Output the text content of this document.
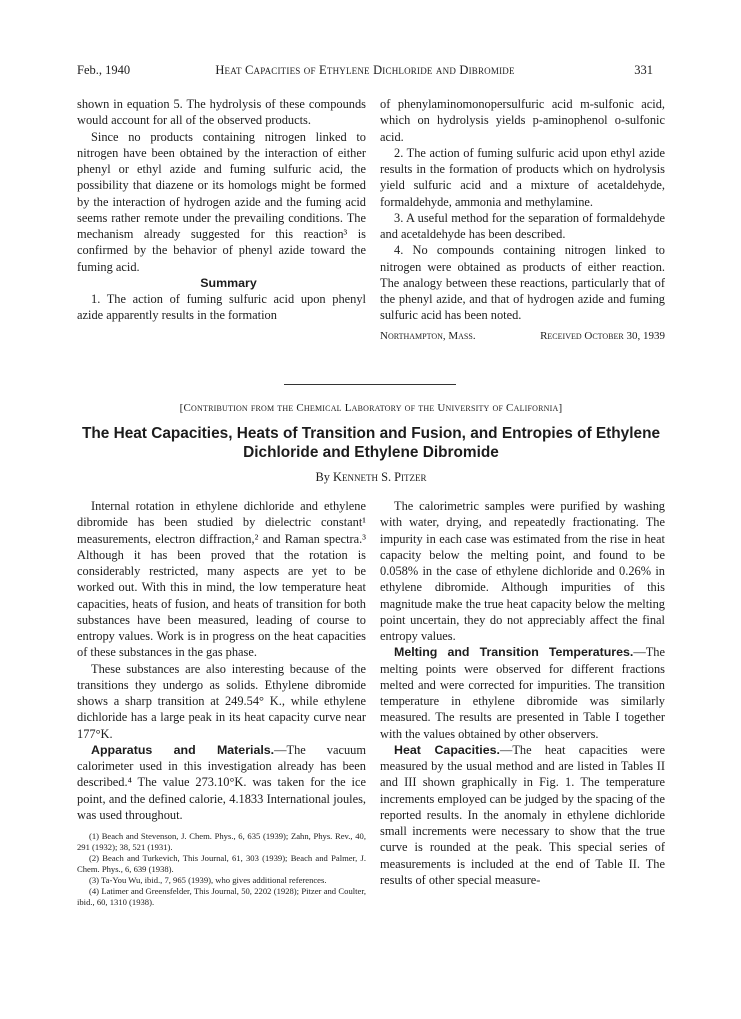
Feb., 1940	Heat Capacities of Ethylene Dichloride and Dibromide	331

shown in equation 5. The hydrolysis of these compounds would account for all of the observed products.

Since no products containing nitrogen linked to nitrogen have been obtained by the interaction of either phenyl or ethyl azide and fuming sulfuric acid, the possibility that diazene or its homologs might be formed by the interaction of hydrogen azide and the fuming acid seems rather remote under the prevailing conditions. The mechanism already suggested for this reaction³ is confirmed by the behavior of phenyl azide toward the fuming acid.

Summary

1. The action of fuming sulfuric acid upon phenyl azide apparently results in the formation

of phenylaminomonopersulfuric acid m-sulfonic acid, which on hydrolysis yields p-aminophenol o-sulfonic acid.

2. The action of fuming sulfuric acid upon ethyl azide results in the formation of products which on hydrolysis yield sulfuric acid and a mixture of acetaldehyde, formaldehyde, ammonia and methylamine.

3. A useful method for the separation of formaldehyde and acetaldehyde has been described.

4. No compounds containing nitrogen linked to nitrogen were obtained as products of either reaction. The analogy between these reactions, particularly that of the phenyl azide, and that of hydrogen azide and fuming sulfuric acid has been noted.

Northampton, Mass.	Received October 30, 1939
[Contribution from the Chemical Laboratory of the University of California]
The Heat Capacities, Heats of Transition and Fusion, and Entropies of Ethylene Dichloride and Ethylene Dibromide
By Kenneth S. Pitzer

Internal rotation in ethylene dichloride and ethylene dibromide has been studied by dielectric constant¹ measurements, electron diffraction,² and Raman spectra.³ Although it has been proved that the rotation is considerably restricted, many aspects are yet to be worked out. With this in mind, the low temperature heat capacities, heats of fusion, and heats of transition for both substances have been measured, leading of course to entropy values. Work is in progress on the heat capacities of these substances in the gas phase.

These substances are also interesting because of the transitions they undergo as solids. Ethylene dibromide shows a sharp transition at 249.54° K., while ethylene dichloride has a large peak in its heat capacity curve near 177°K.

Apparatus and Materials.—The vacuum calorimeter used in this investigation already has been described.⁴ The value 273.10°K. was taken for the ice point, and the defined calorie, 4.1833 International joules, was used throughout.

(1) Beach and Stevenson, J. Chem. Phys., 6, 635 (1939); Zahn, Phys. Rev., 40, 291 (1932); 38, 521 (1931).

(2) Beach and Turkevich, This Journal, 61, 303 (1939); Beach and Palmer, J. Chem. Phys., 6, 639 (1938).

(3) Ta-You Wu, ibid., 7, 965 (1939), who gives additional references.

(4) Latimer and Greensfelder, This Journal, 50, 2202 (1928); Pitzer and Coulter, ibid., 60, 1310 (1938).

The calorimetric samples were purified by washing with water, drying, and repeatedly fractionating. The impurity in each case was estimated from the rise in heat capacity below the melting point, and found to be 0.058% in the case of ethylene dichloride and 0.26% in ethylene dibromide. Although impurities of this magnitude make the true heat capacity below the melting point uncertain, they do not appreciably affect the final entropy values.

Melting and Transition Temperatures.—The melting points were observed for different fractions melted and were corrected for impurities. The transition temperature in ethylene dibromide was similarly measured. The results are presented in Table I together with the values obtained by other observers.

Heat Capacities.—The heat capacities were measured by the usual method and are listed in Tables II and III shown graphically in Fig. 1. The temperature increments employed can be judged by the spacing of the reported results. In the anomaly in ethylene dichloride small increments were necessary to show that the true curve is rounded at the peak. This special series of measurements is included at the end of Table II. The results of other special measure-
